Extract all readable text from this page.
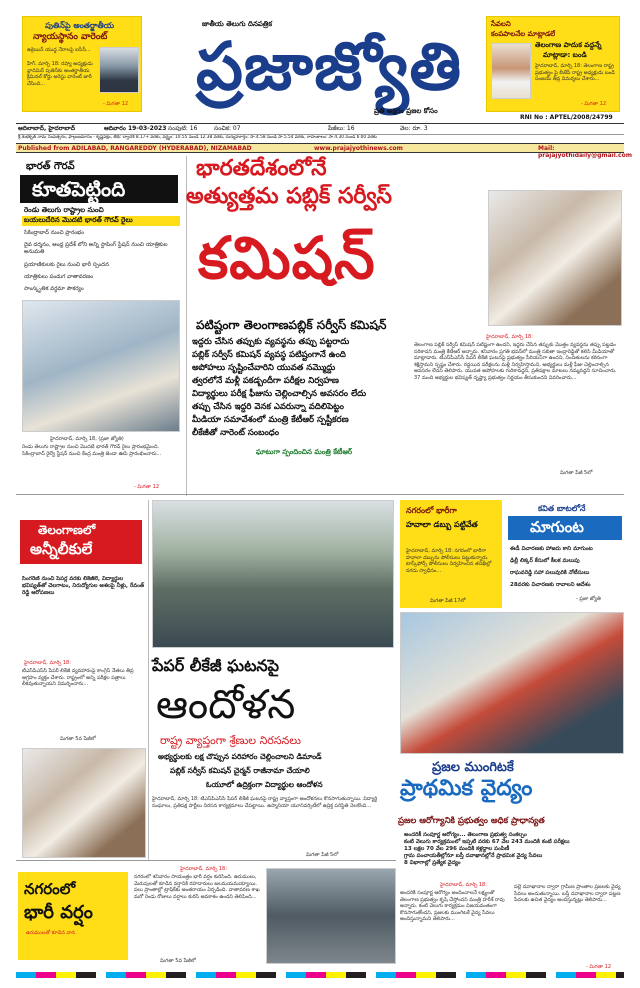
పుతిన్‌పై అంతర్జాతీయ
న్యాయస్థానం వారెంట్
ఉక్రెయిన్ యుద్ధ నేరాలపై ఐసీసీ...
హేగ్, మార్చి 18: రష్యా అధ్యక్షుడు వ్లాదిమిర్ పుతిన్‌కు అంతర్జాతీయ క్రిమినల్ కోర్టు అరెస్టు వారెంట్ జారీ చేసింది...
- మిగతా 12
జాతీయ తెలుగు దినపత్రిక
ప్రజాజ్యోతి
ప్రతి అక్షరం ప్రజల కోసం
సేవలని
కంపపాలనేల మాట్లాడలే
తెలంగాణ పాదుక వద్దన్నే
మాట్లాడా: బండి
హైదరాబాద్, మార్చి 18: తెలంగాణ రాష్ట్ర ప్రభుత్వం పై బీజేపీ రాష్ట్ర అధ్యక్షుడు బండి సంజయ్ తీవ్ర విమర్శలు చేశారు...
- మిగతా 12
RNI No : APTEL/2008/24799
ఆదిలాబాద్, హైదరాబాద్	ఆదివారం 19-03-2023 సంపుటి: 16	సంచిక: 07	పేజీలు: 16	వెల: రూ. 3
శ్రీ శుభకృత్ నామ సంవత్సరం, ఫాల్గుణమాసం - కృష్ణపక్షం, తిథి: ద్వాదశి 8.17+ వరకు, వర్జ్యం: 10.55 నుండి 12.38 వరకు, దుర్ముహూర్తం: సా.4.58 నుండి సా.5.54 వరకు, రాహుకాలం: సా.4.30 నుండి 6.00 వరకు
Published from ADILABAD, RANGAREDDY (HYDERABAD), NIZAMABAD	www.prajajyothinews.com	Mail: prajajyothidaily@gmail.com
భారత్ గౌరవ్
కూతపెట్టింది
రెండు తెలుగు రాష్ట్రాల నుంచి
బయలుదేరిన మొదటి భారత్ గౌరవ్ రైలు
సికింద్రాబాద్ నుంచి ప్రారంభం
దైవ దర్శనం, ఆంధ్ర ప్రదేశ్ లోని అన్ని స్టాపింగ్ స్టేషన్ నుంచి యాత్రికుల అనుమతి
ప్రయాణికులకు రైలు నుంచి భారీ స్పందన
యాత్రికులు పండుగ వాతావరణం
సాంస్కృతిక వర్ధమా సౌకర్యం
హైదరాబాద్, మార్చి 18, (ప్రజా జ్యోతి)
రెండు తెలుగు రాష్ట్రాల నుంచి మొదటి భారత్ గౌరవ్ రైలు ప్రారంభమైంది. సికింద్రాబాద్ రైల్వే స్టేషన్ నుంచి కేంద్ర మంత్రి జెండా ఊపి ప్రారంభించారు...
- మిగతా 12
భారతదేశంలోనే
అత్యుత్తమ పబ్లిక్ సర్వీస్
కమిషన్
పటిష్టంగా తెలంగాణపబ్లిక్ సర్వీస్ కమిషన్
ఇద్దరు చేసిన తప్పుకు వ్యవస్థను తప్పు పట్టరాదు
పబ్లిక్ సర్వీస్ కమిషన్ వ్యవస్థ పటిష్టంగానే ఉంది
అపోహలు సృష్టించేవారిని యువత నమ్మొద్దు
త్వరలోనే మళ్లీ పకడ్బందీగా పరీక్షల నిర్వహణ
విద్యార్థులు పరీక్ష ఫీజును చెల్లించాల్సిన అవసరం లేదు
తప్పు చేసిన ఇద్దరి వెనక ఎవరున్నా వదిలిపెట్టం
మీడియా సమావేశంలో మంత్రి కేటీఆర్ స్పష్టీకరణ
లీకేజీతో నారెంట్ సంబంధం
ఘాటుగా స్పందించిన మంత్రి కేటీఆర్
హైదరాబాద్, మార్చి 18:
తెలంగాణ పబ్లిక్ సర్వీస్ కమిషన్ పటిష్టంగా ఉందని, ఇద్దరు చేసిన తప్పుకు మొత్తం వ్యవస్థను తప్పు పట్టడం సరికాదని మంత్రి కేటీఆర్ అన్నారు. శనివారం ప్రగతి భవన్‌లో మంత్రి సబితా ఇంద్రారెడ్డితో కలిసి మీడియాతో మాట్లాడారు. టీఎస్‌పీఎస్‌సీ పేపర్ లీకేజీ ఘటనపై ప్రభుత్వం సీరియస్‌గా ఉందని, నిందితులను కఠినంగా శిక్షిస్తామని స్పష్టం చేశారు. రద్దయిన పరీక్షలను మళ్లీ నిర్వహిస్తామని, అభ్యర్థులు మళ్లీ ఫీజు చెల్లించాల్సిన అవసరం లేదని తెలిపారు. యువత అపోహలకు గురికావద్దని, ప్రతిపక్షాల మాటలు నమ్మవద్దని సూచించారు. 37 మంది అభ్యర్థుల భవిష్యత్ దృష్ట్యా ప్రభుత్వం నిర్ణయం తీసుకుందని వివరించారు...
మిగతా పేజీ 5లో
తెలంగాణలో
అన్నీలీకులే
సింగరేణి నుంచి పేపర్ల వరకు లీకేజీలే, విద్యార్థుల భవిష్యత్‌తో చెలగాటం, నిరుద్యోగుల ఆశలపై నీళ్లు, రేవంత్ రెడ్డి ఆరోపణలు
హైదరాబాద్, మార్చి 18:
టీఎస్‌పీఎస్‌సీ పేపర్ లీకేజీ వ్యవహారంపై కాంగ్రెస్ నేతలు తీవ్ర ఆగ్రహం వ్యక్తం చేశారు. రాష్ట్రంలో అన్ని పరీక్షల పత్రాలు లీకవుతున్నాయని విమర్శించారు...
మిగతా 5వ పేజీలో
నగరంలో భారీగా
హవాలా డబ్బు పట్టివేత
హైదరాబాద్, మార్చి 18: నగరంలో భారీగా హవాలా డబ్బును పోలీసులు పట్టుకున్నారు. టాస్క్‌ఫోర్స్ పోలీసులు నిర్వహించిన తనిఖీల్లో నగదు స్వాధీనం...
మిగతా పేజీ 17లో
కవిత బాటలోనే
మాగుంట
ఈడీ విచారణకు హాజరు కాని మాగుంట
ఢిల్లీ లిక్కర్ కేసులో కీలక మలుపు
రాఘవరెడ్డి సహా పలువురికి నోటీసులు
28వరకు విచారణకు రావాలని ఆదేశం
- ప్రజా జ్యోతి
పేపర్ లీకేజీ ఘటనపై
ఆందోళన
రాష్ట్ర వ్యాప్తంగా శ్రేణుల నిరసనలు
అభ్యర్థులకు లక్ష చొప్పున పరిహారం చెల్లించాలని డిమాండ్
పబ్లిక్ సర్వీస్ కమిషన్ చైర్మన్ రాజీనామా చేయాలి
ఓయూలో ఉద్రిక్తంగా విద్యార్థుల ఆందోళన
హైదరాబాద్, మార్చి 18: టీఎస్‌పీఎస్‌సీ పేపర్ లీకేజీ ఘటనపై రాష్ట్ర వ్యాప్తంగా ఆందోళనలు కొనసాగుతున్నాయి. విద్యార్థి సంఘాలు, ప్రతిపక్ష పార్టీలు నిరసన కార్యక్రమాలు చేపట్టాయి. ఉస్మానియా యూనివర్సిటీలో ఉద్రిక్త పరిస్థితి నెలకొంది...
మిగతా పేజీ 5లో
ప్రజల ముంగిటకే
ప్రాథమిక వైద్యం
ప్రజల ఆరోగ్యానికి ప్రభుత్వం అధిక ప్రాధాన్యత
అందరికీ సంపూర్ణ ఆరోగ్యం... తెలంగాణ ప్రభుత్వ సంకల్పం
కంటి వెలుగు కార్యక్రమంలో ఇప్పటి వరకు 67 వేల 243 మందికి కంటి పరీక్షలు
13 లక్షల 70 వేల 296 మందికి కళ్లద్దాల పంపిణీ
గ్రామ పంచాయతీల్లోనూ బస్తీ దవాఖానల్లోనే ప్రాథమిక వైద్య సేవలు
8 విభాగాల్లో ప్రత్యేక వైద్యం
హైదరాబాద్, మార్చి 18:
అందరికీ సంపూర్ణ ఆరోగ్యం అందించాలనే లక్ష్యంతో తెలంగాణ ప్రభుత్వం కృషి చేస్తోందని మంత్రి హరీశ్ రావు అన్నారు. కంటి వెలుగు కార్యక్రమం విజయవంతంగా కొనసాగుతోందని, ప్రజలకు ముంగిటకే వైద్య సేవలు అందిస్తున్నామని తెలిపారు...
పల్లె దవాఖానాల ద్వారా గ్రామీణ ప్రాంతాల ప్రజలకు వైద్య సేవలు అందుతున్నాయి. బస్తీ దవాఖానాల ద్వారా పట్టణ పేదలకు ఉచిత వైద్యం అందిస్తున్నట్లు తెలిపారు...
- మిగతా 12
నగరంలో
భారీ వర్షం
ఉరుములతో కూడిన వాన
హైదరాబాద్, మార్చి 18:
నగరంలో శనివారం సాయంత్రం భారీ వర్షం కురిసింది. ఉరుములు, మెరుపులతో కూడిన వర్షానికి రహదారులు జలమయమయ్యాయి. పలు ప్రాంతాల్లో ట్రాఫిక్‌కు అంతరాయం ఏర్పడింది. వాతావరణ శాఖ మరో రెండు రోజులు వర్షాలు కురిసే అవకాశం ఉందని తెలిపింది...
మిగతా 5వ పేజీలో
